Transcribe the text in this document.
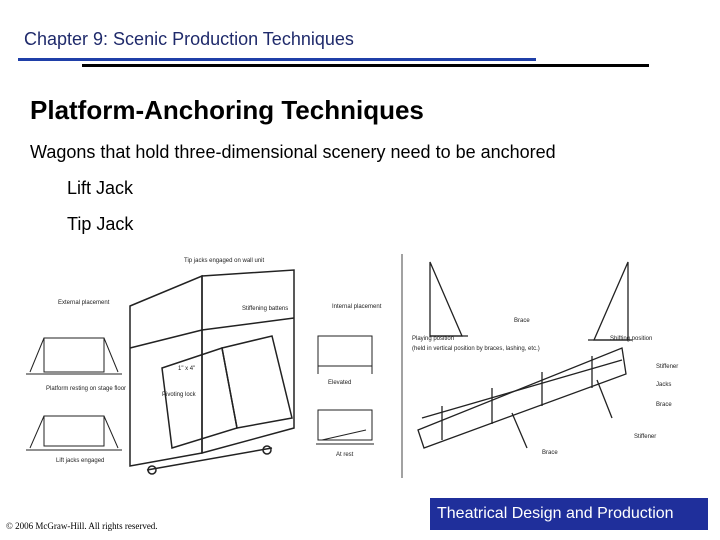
Chapter 9: Scenic Production Techniques
Platform-Anchoring Techniques
Wagons that hold three-dimensional scenery need to be anchored
Lift Jack
Tip Jack
External placement
Platform resting on stage floor
Lift jacks engaged
Tip jacks engaged on wall unit
Stiffening battens
1" x 4"
Pivoting lock
Internal placement
Elevated
At rest
Brace
Playing position
(held in vertical position by braces, lashing, etc.)
Shifting position
Stiffener
Jacks
Brace
Stiffener
Brace
Theatrical Design and Production
© 2006 McGraw-Hill. All rights reserved.
